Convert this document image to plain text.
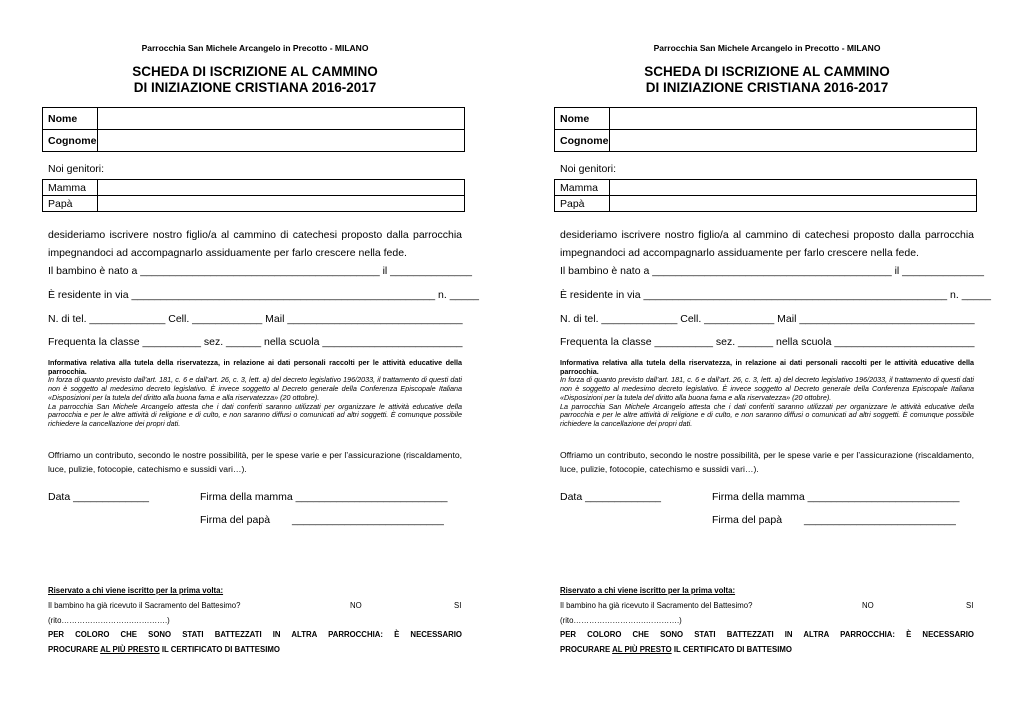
Parrocchia San Michele Arcangelo in Precotto - MILANO
SCHEDA DI ISCRIZIONE AL CAMMINO
DI INIZIAZIONE CRISTIANA 2016-2017
Nome	
Cognome	
Noi genitori:
Mamma	
Papà	
desideriamo iscrivere nostro figlio/a al cammino di catechesi proposto dalla parrocchia
impegnandoci ad accompagnarlo assiduamente per farlo crescere nella fede.
Il bambino è nato a _________________________________________ il ______________
È residente in via ____________________________________________________ n. _____
N. di tel. _____________ Cell. ____________ Mail ______________________________
Frequenta la classe __________ sez. ______ nella scuola ________________________
Informativa relativa alla tutela della riservatezza, in relazione ai dati personali raccolti per le attività educative della parrocchia.
In forza di quanto previsto dall’art. 181, c. 6 e dall’art. 26, c. 3, lett. a) del decreto legislativo 196/2033, il trattamento di questi dati non è soggetto al medesimo decreto legislativo. È invece soggetto al Decreto generale della Conferenza Episcopale Italiana «Disposizioni per la tutela del diritto alla buona fama e alla riservatezza» (20 ottobre).
La parrocchia San Michele Arcangelo attesta che i dati conferiti saranno utilizzati per organizzare le attività educative della parrocchia e per le altre attività di religione e di culto, e non saranno diffusi o comunicati ad altri soggetti. È comunque possibile richiedere la cancellazione dei propri dati.
Offriamo un contributo, secondo le nostre possibilità, per le spese varie e per l’assicurazione (riscaldamento, luce, pulizie, fotocopie, catechismo e sussidi vari…).
Data _____________	Firma della mamma __________________________
Firma del papà __________________________
Riservato a chi viene iscritto per la prima volta:
Il bambino ha già ricevuto il Sacramento del Battesimo?	NO	SI
(rito……………………….………….)
PER COLORO CHE SONO STATI BATTEZZATI IN ALTRA PARROCCHIA: È NECESSARIO
PROCURARE AL PIÙ PRESTO IL CERTIFICATO DI BATTESIMO
Parrocchia San Michele Arcangelo in Precotto - MILANO
SCHEDA DI ISCRIZIONE AL CAMMINO
DI INIZIAZIONE CRISTIANA 2016-2017
Nome	
Cognome	
Noi genitori:
Mamma	
Papà	
desideriamo iscrivere nostro figlio/a al cammino di catechesi proposto dalla parrocchia
impegnandoci ad accompagnarlo assiduamente per farlo crescere nella fede.
Il bambino è nato a _________________________________________ il ______________
È residente in via ____________________________________________________ n. _____
N. di tel. _____________ Cell. ____________ Mail ______________________________
Frequenta la classe __________ sez. ______ nella scuola ________________________
Informativa relativa alla tutela della riservatezza, in relazione ai dati personali raccolti per le attività educative della parrocchia.
In forza di quanto previsto dall’art. 181, c. 6 e dall’art. 26, c. 3, lett. a) del decreto legislativo 196/2033, il trattamento di questi dati non è soggetto al medesimo decreto legislativo. È invece soggetto al Decreto generale della Conferenza Episcopale Italiana «Disposizioni per la tutela del diritto alla buona fama e alla riservatezza» (20 ottobre).
La parrocchia San Michele Arcangelo attesta che i dati conferiti saranno utilizzati per organizzare le attività educative della parrocchia e per le altre attività di religione e di culto, e non saranno diffusi o comunicati ad altri soggetti. È comunque possibile richiedere la cancellazione dei propri dati.
Offriamo un contributo, secondo le nostre possibilità, per le spese varie e per l’assicurazione (riscaldamento, luce, pulizie, fotocopie, catechismo e sussidi vari…).
Data _____________	Firma della mamma __________________________
Firma del papà __________________________
Riservato a chi viene iscritto per la prima volta:
Il bambino ha già ricevuto il Sacramento del Battesimo?	NO	SI
(rito……………………….………….)
PER COLORO CHE SONO STATI BATTEZZATI IN ALTRA PARROCCHIA: È NECESSARIO
PROCURARE AL PIÙ PRESTO IL CERTIFICATO DI BATTESIMO
